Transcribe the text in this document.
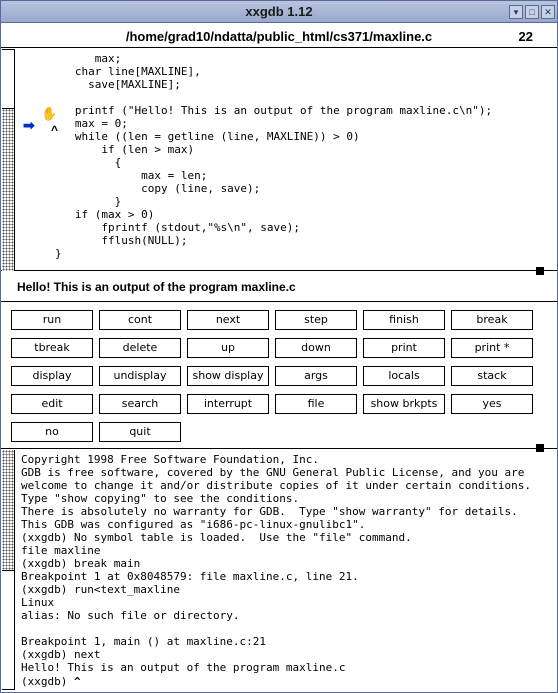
xxgdb 1.12	▾	□	✕
/home/grad10/ndatta/public_html/cs371/maxline.c	22
✋
➡ ^
max;
char line[MAXLINE],
save[MAXLINE];
printf ("Hello! This is an output of the program maxline.c\n");
max = 0;
while ((len = getline (line, MAXLINE)) > 0)
if (len > max)
{
max = len;
copy (line, save);
}
if (max > 0)
fprintf (stdout,"%s\n", save);
fflush(NULL);
}
Hello! This is an output of the program maxline.c
run	cont	next	step	finish	break
tbreak	delete	up	down	print	print *
display	undisplay	show display	args	locals	stack
edit	search	interrupt	file	show brkpts	yes
no	quit
Copyright 1998 Free Software Foundation, Inc.
GDB is free software, covered by the GNU General Public License, and you are
welcome to change it and/or distribute copies of it under certain conditions.
Type "show copying" to see the conditions.
There is absolutely no warranty for GDB.  Type "show warranty" for details.
This GDB was configured as "i686-pc-linux-gnulibc1".
(xxgdb) No symbol table is loaded.  Use the "file" command.
file maxline
(xxgdb) break main
Breakpoint 1 at 0x8048579: file maxline.c, line 21.
(xxgdb) run<text_maxline
Linux
alias: No such file or directory.
Breakpoint 1, main () at maxline.c:21
(xxgdb) next
Hello! This is an output of the program maxline.c
(xxgdb) ^
